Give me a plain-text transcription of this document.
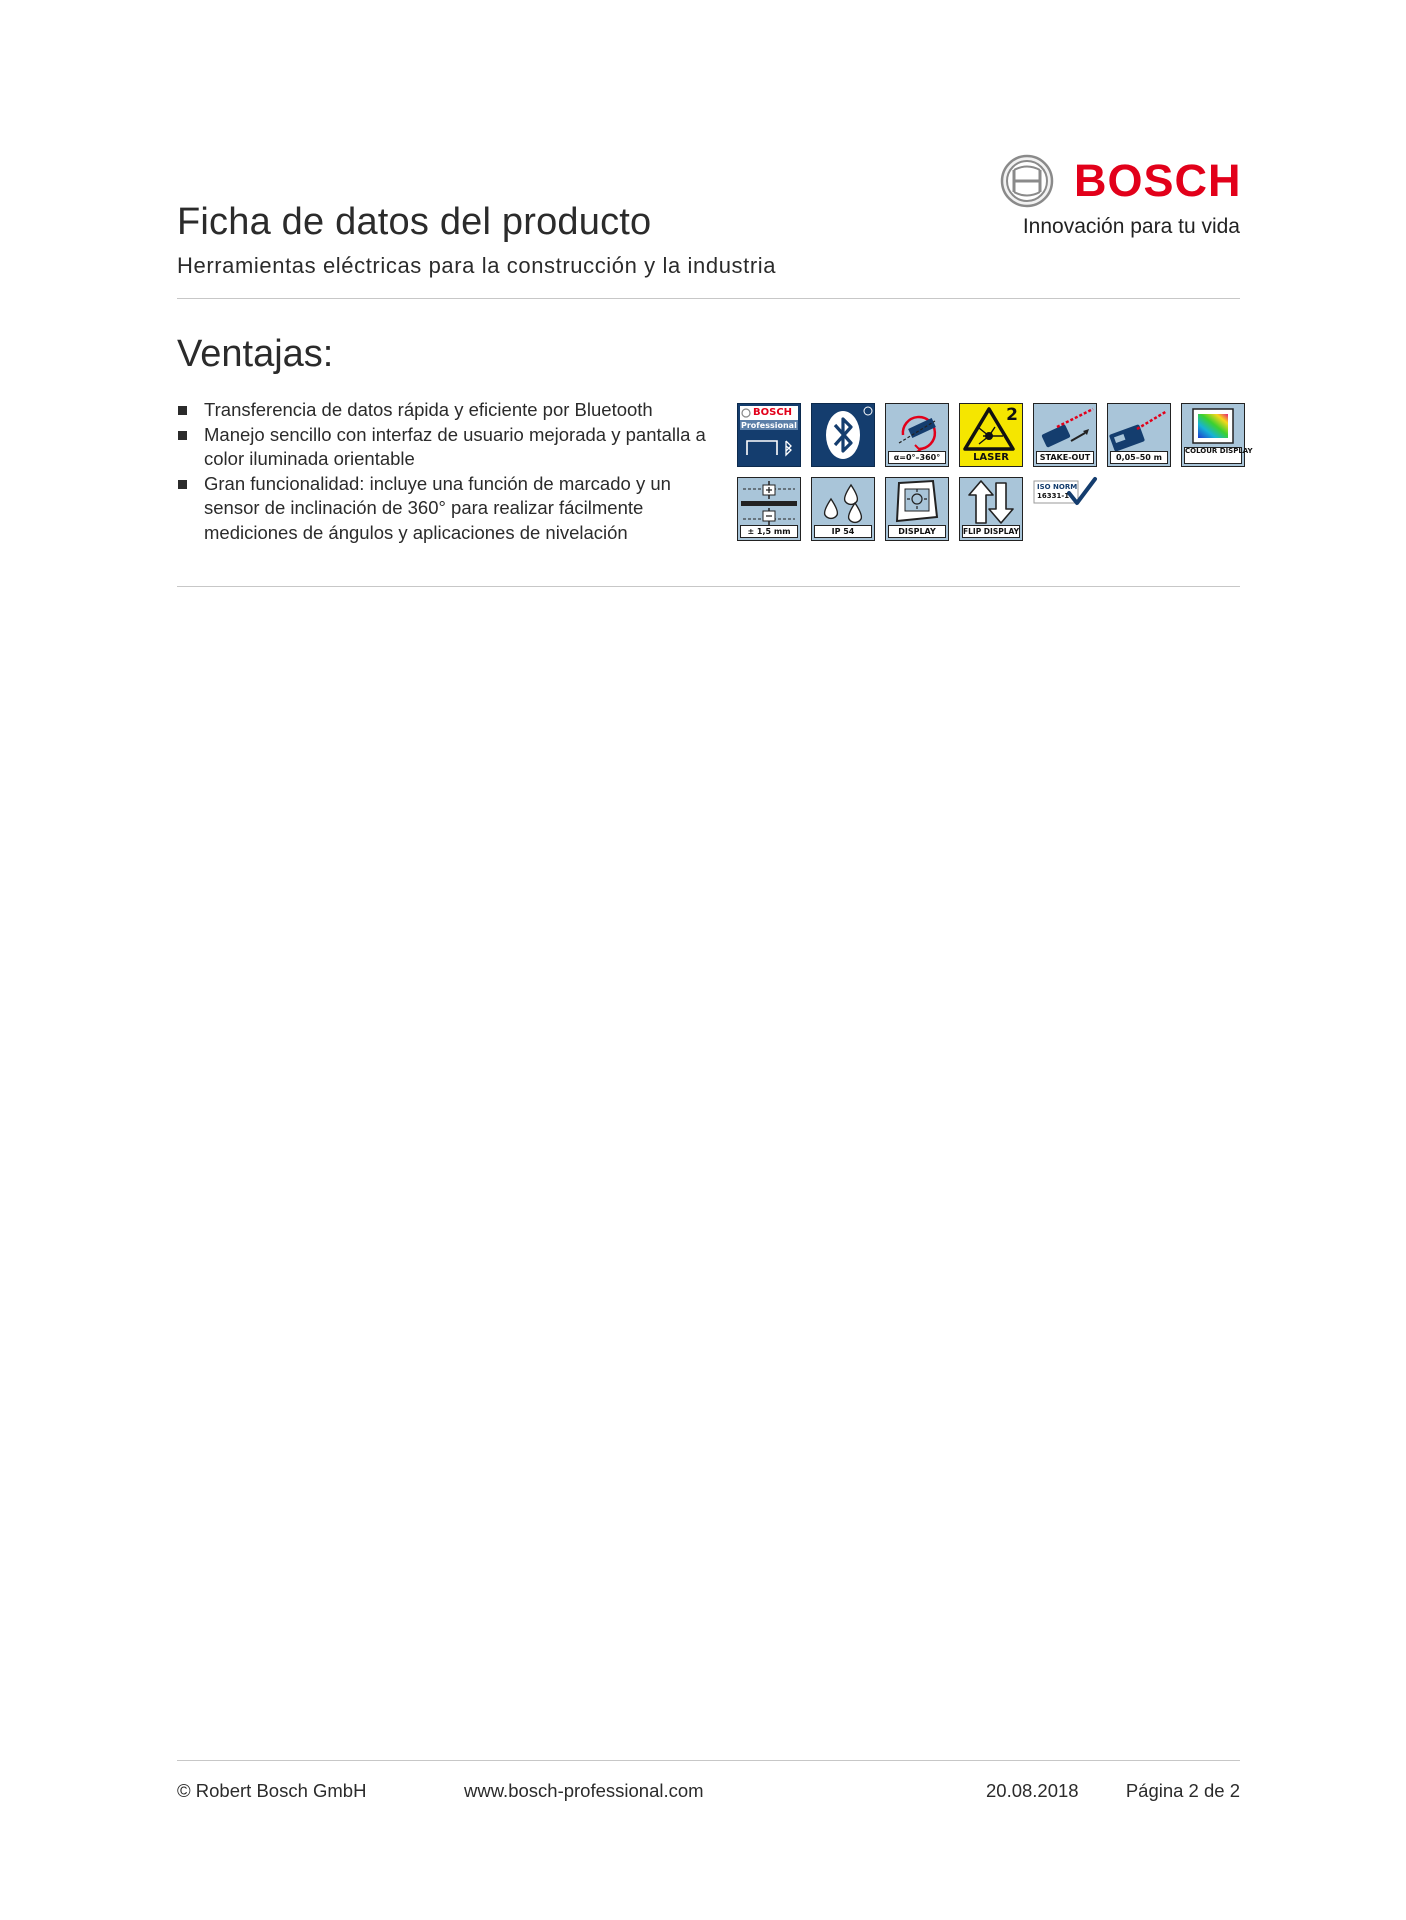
BOSCH
Innovación para tu vida
Ficha de datos del producto
Herramientas eléctricas para la construcción y la industria
Ventajas:
Transferencia de datos rápida y eficiente por Bluetooth
Manejo sencillo con interfaz de usuario mejorada y pantalla a color iluminada orientable
Gran funcionalidad: incluye una función de marcado y un sensor de inclinación de 360° para realizar fácilmente mediciones de ángulos y aplicaciones de nivelación
BOSCH
Professional
α=0°–360°
2
LASER	STAKE-OUT	0,05–50 m
COLOUR DISPLAY
± 1,5 mm	IP 54	DISPLAY	FLIP DISPLAY
ISO NORM
16331-1
© Robert Bosch GmbH	www.bosch-professional.com	20.08.2018	Página 2 de 2
